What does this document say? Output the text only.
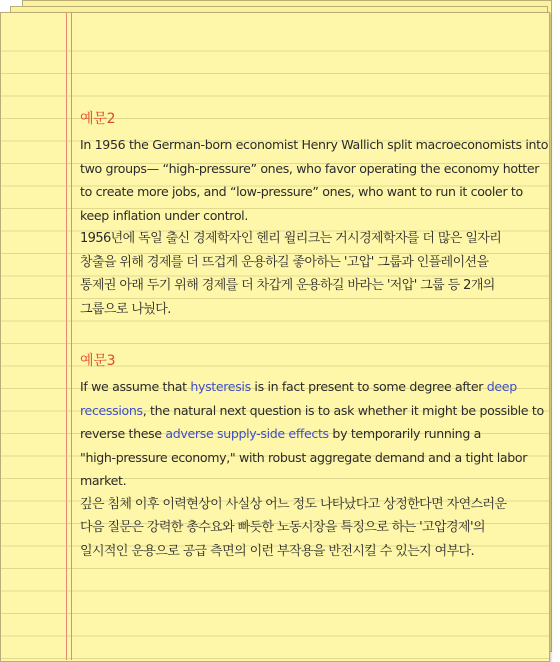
예문2

In 1956 the German-born economist Henry Wallich split macroeconomists into
two groups— “high-pressure” ones, who favor operating the economy hotter
to create more jobs, and “low-pressure” ones, who want to run it cooler to
keep inflation under control.

1956년에 독일 출신 경제학자인 헨리 윌리크는 거시경제학자를 더 많은 일자리
창출을 위해 경제를 더 뜨겁게 운용하길 좋아하는 '고압' 그룹과 인플레이션을
통제권 아래 두기 위해 경제를 더 차갑게 운용하길 바라는 '저압' 그룹 등 2개의
그룹으로 나눴다.

예문3

If we assume that hysteresis is in fact present to some degree after deep
recessions, the natural next question is to ask whether it might be possible to
reverse these adverse supply-side effects by temporarily running a
"high-pressure economy," with robust aggregate demand and a tight labor
market.

깊은 침체 이후 이력현상이 사실상 어느 정도 나타났다고 상정한다면 자연스러운
다음 질문은 강력한 총수요와 빠듯한 노동시장을 특징으로 하는 '고압경제'의
일시적인 운용으로 공급 측면의 이런 부작용을 반전시킬 수 있는지 여부다.
